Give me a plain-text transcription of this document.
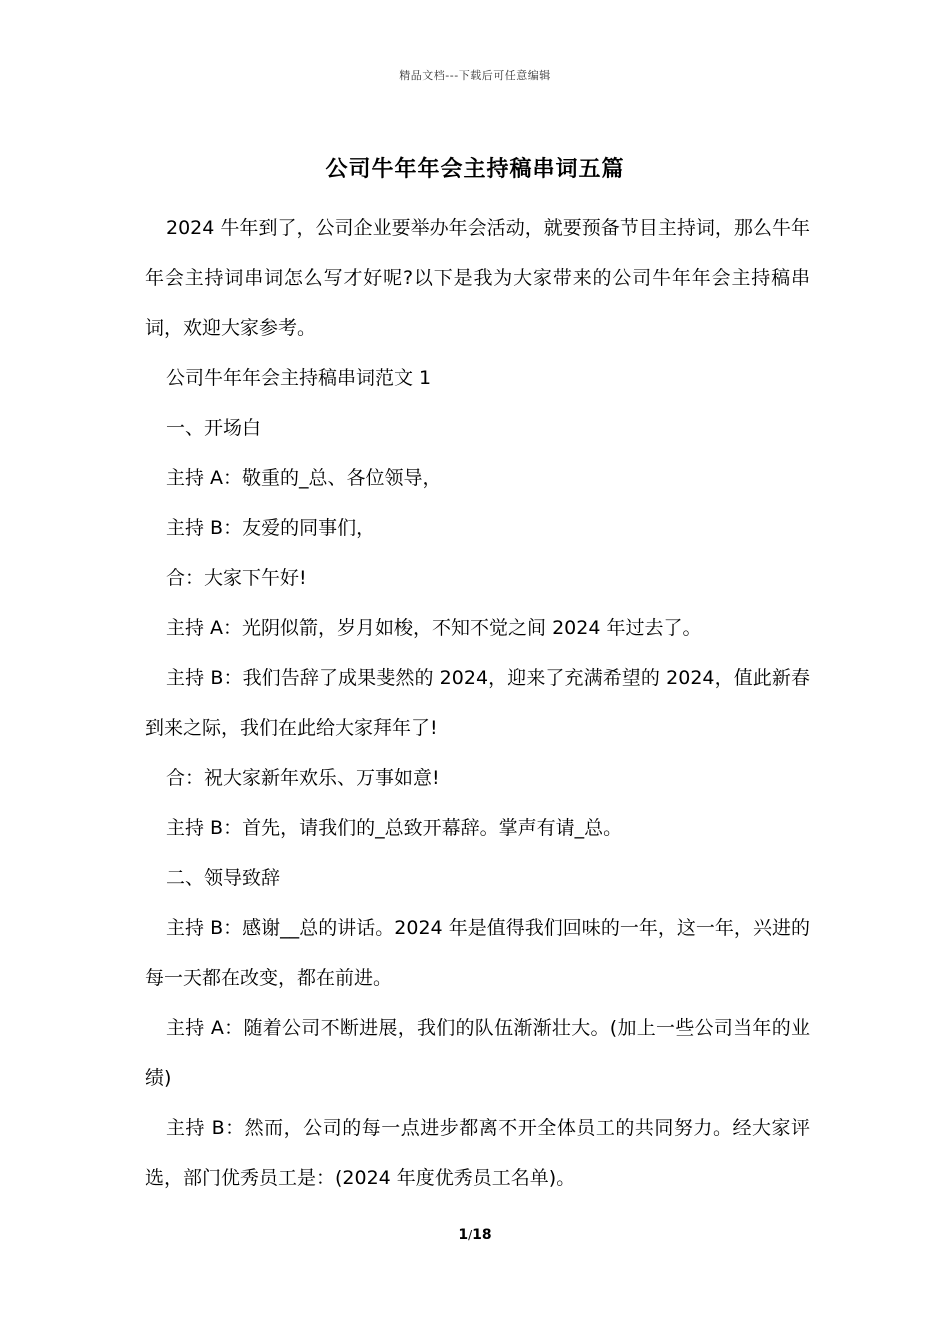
精品文档---下载后可任意编辑
公司牛年年会主持稿串词五篇

2024 牛年到了，公司企业要举办年会活动，就要预备节目主持词，那么牛年年会主持词串词怎么写才好呢?以下是我为大家带来的公司牛年年会主持稿串词，欢迎大家参考。

公司牛年年会主持稿串词范文 1

一、开场白

主持 A：敬重的_总、各位领导，

主持 B：友爱的同事们，

合：大家下午好!

主持 A：光阴似箭，岁月如梭，不知不觉之间 2024 年过去了。

主持 B：我们告辞了成果斐然的 2024，迎来了充满希望的 2024，值此新春到来之际，我们在此给大家拜年了!

合：祝大家新年欢乐、万事如意!

主持 B：首先，请我们的_总致开幕辞。掌声有请_总。

二、领导致辞

主持 B：感谢__总的讲话。2024 年是值得我们回味的一年，这一年，兴进的每一天都在改变，都在前进。

主持 A：随着公司不断进展，我们的队伍渐渐壮大。(加上一些公司当年的业绩)

主持 B：然而，公司的每一点进步都离不开全体员工的共同努力。经大家评选，部门优秀员工是：(2024 年度优秀员工名单)。

1/18
